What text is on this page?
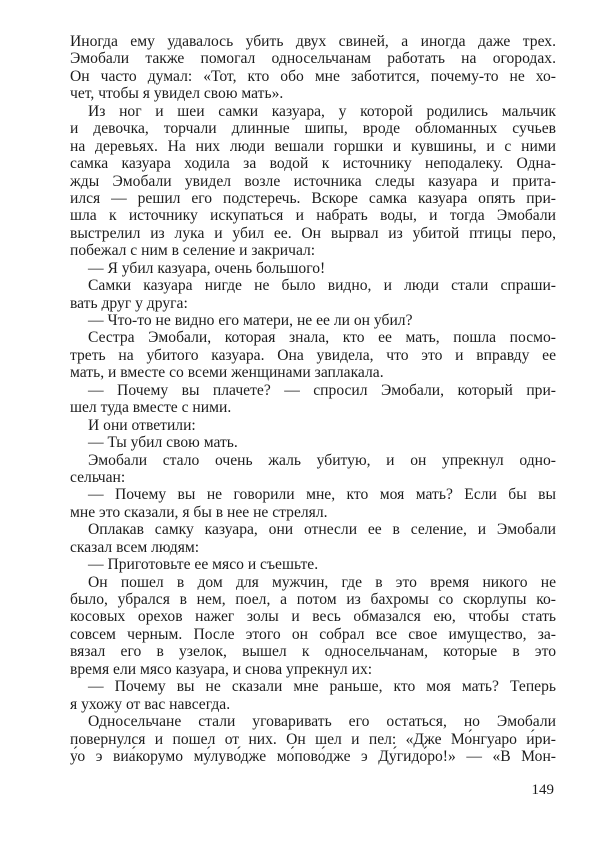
Иногда ему удавалось убить двух свиней, а иногда даже трех.
Эмобали также помогал односельчанам работать на огородах.
Он часто думал: «Тот, кто обо мне заботится, почему-то не хо-
чет, чтобы я увидел свою мать».
Из ног и шеи самки казуара, у которой родились мальчик
и девочка, торчали длинные шипы, вроде обломанных сучьев
на деревьях. На них люди вешали горшки и кувшины, и с ними
самка казуара ходила за водой к источнику неподалеку. Одна-
жды Эмобали увидел возле источника следы казуара и прита-
ился — решил его подстеречь. Вскоре самка казуара опять при-
шла к источнику искупаться и набрать воды, и тогда Эмобали
выстрелил из лука и убил ее. Он вырвал из убитой птицы перо,
побежал с ним в селение и закричал:
— Я убил казуара, очень большого!
Самки казуара нигде не было видно, и люди стали спраши-
вать друг у друга:
— Что-то не видно его матери, не ее ли он убил?
Сестра Эмобали, которая знала, кто ее мать, пошла посмо-
треть на убитого казуара. Она увидела, что это и вправду ее
мать, и вместе со всеми женщинами заплакала.
— Почему вы плачете? — спросил Эмобали, который при-
шел туда вместе с ними.
И они ответили:
— Ты убил свою мать.
Эмобали стало очень жаль убитую, и он упрекнул одно-
сельчан:
— Почему вы не говорили мне, кто моя мать? Если бы вы
мне это сказали, я бы в нее не стрелял.
Оплакав самку казуара, они отнесли ее в селение, и Эмобали
сказал всем людям:
— Приготовьте ее мясо и съешьте.
Он пошел в дом для мужчин, где в это время никого не
было, убрался в нем, поел, а потом из бахромы со скорлупы ко-
косовых орехов нажег золы и весь обмазался ею, чтобы стать
совсем черным. После этого он собрал все свое имущество, за-
вязал его в узелок, вышел к односельчанам, которые в это
время ели мясо казуара, и снова упрекнул их:
— Почему вы не сказали мне раньше, кто моя мать? Теперь
я ухожу от вас навсегда.
Односельчане стали уговаривать его остаться, но Эмобали
повернулся и пошел от них. Он шел и пел: «Дже Мо́нгуаро и́ри-
у́о э виа́корумо му́луво́дже мо́пово́дже э Ду́гидо́ро!» — «В Мон-
149
